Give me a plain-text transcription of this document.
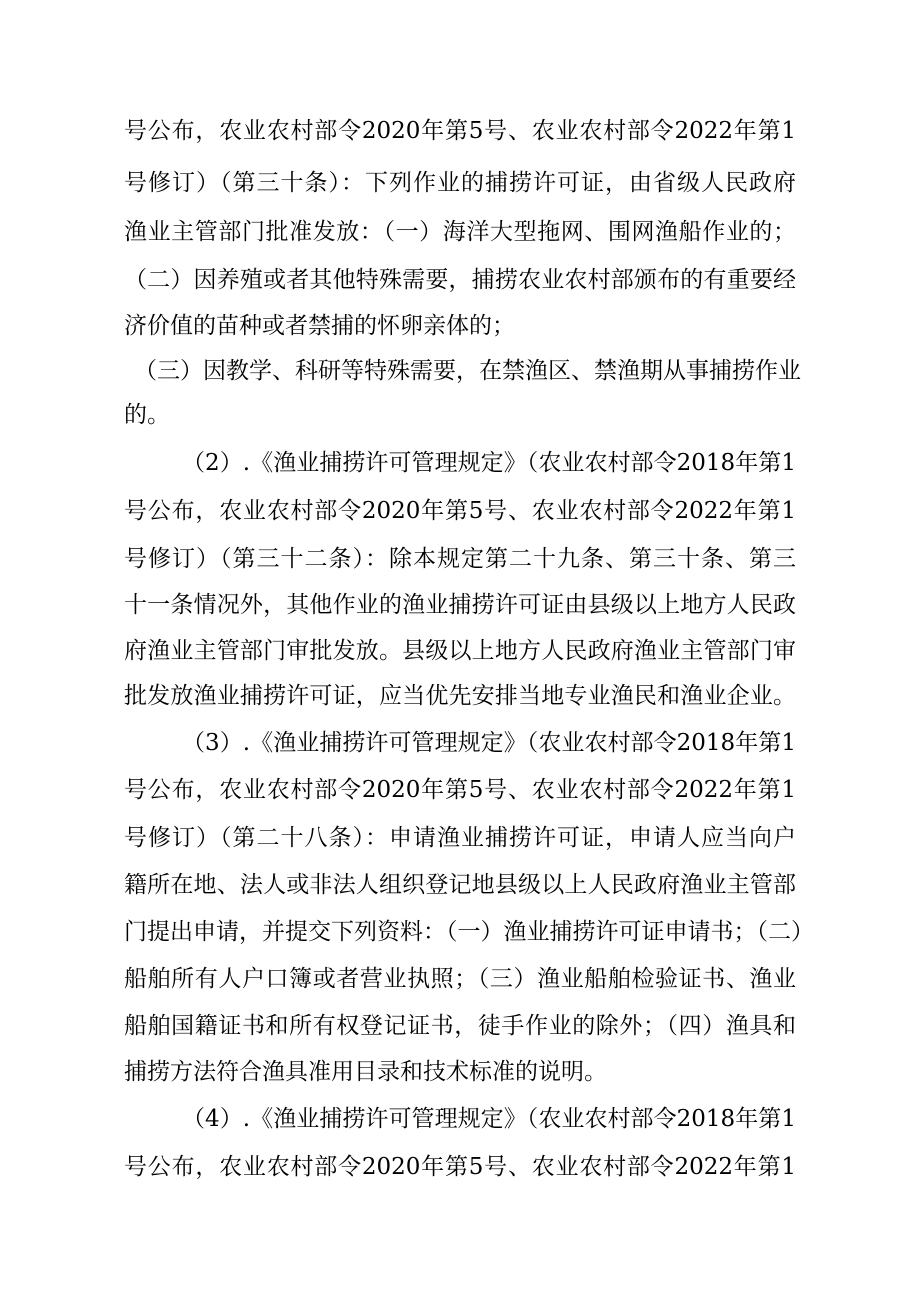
号公布，农业农村部令2020年第5号、农业农村部令2022年第1
号修订）（第三十条）：下列作业的捕捞许可证，由省级人民政府
渔业主管部门批准发放：（一）海洋大型拖网、围网渔船作业的；
（二）因养殖或者其他特殊需要，捕捞农业农村部颁布的有重要经
济价值的苗种或者禁捕的怀卵亲体的；
（三）因教学、科研等特殊需要，在禁渔区、禁渔期从事捕捞作业
的。
（2）.《渔业捕捞许可管理规定》（农业农村部令2018年第1
号公布，农业农村部令2020年第5号、农业农村部令2022年第1
号修订）（第三十二条）：除本规定第二十九条、第三十条、第三
十一条情况外，其他作业的渔业捕捞许可证由县级以上地方人民政
府渔业主管部门审批发放。县级以上地方人民政府渔业主管部门审
批发放渔业捕捞许可证，应当优先安排当地专业渔民和渔业企业。
（3）.《渔业捕捞许可管理规定》（农业农村部令2018年第1
号公布，农业农村部令2020年第5号、农业农村部令2022年第1
号修订）（第二十八条）：申请渔业捕捞许可证，申请人应当向户
籍所在地、法人或非法人组织登记地县级以上人民政府渔业主管部
门提出申请，并提交下列资料：（一）渔业捕捞许可证申请书；（二）
船舶所有人户口簿或者营业执照；（三）渔业船舶检验证书、渔业
船舶国籍证书和所有权登记证书，徒手作业的除外；（四）渔具和
捕捞方法符合渔具准用目录和技术标准的说明。
（4）.《渔业捕捞许可管理规定》（农业农村部令2018年第1
号公布，农业农村部令2020年第5号、农业农村部令2022年第1
